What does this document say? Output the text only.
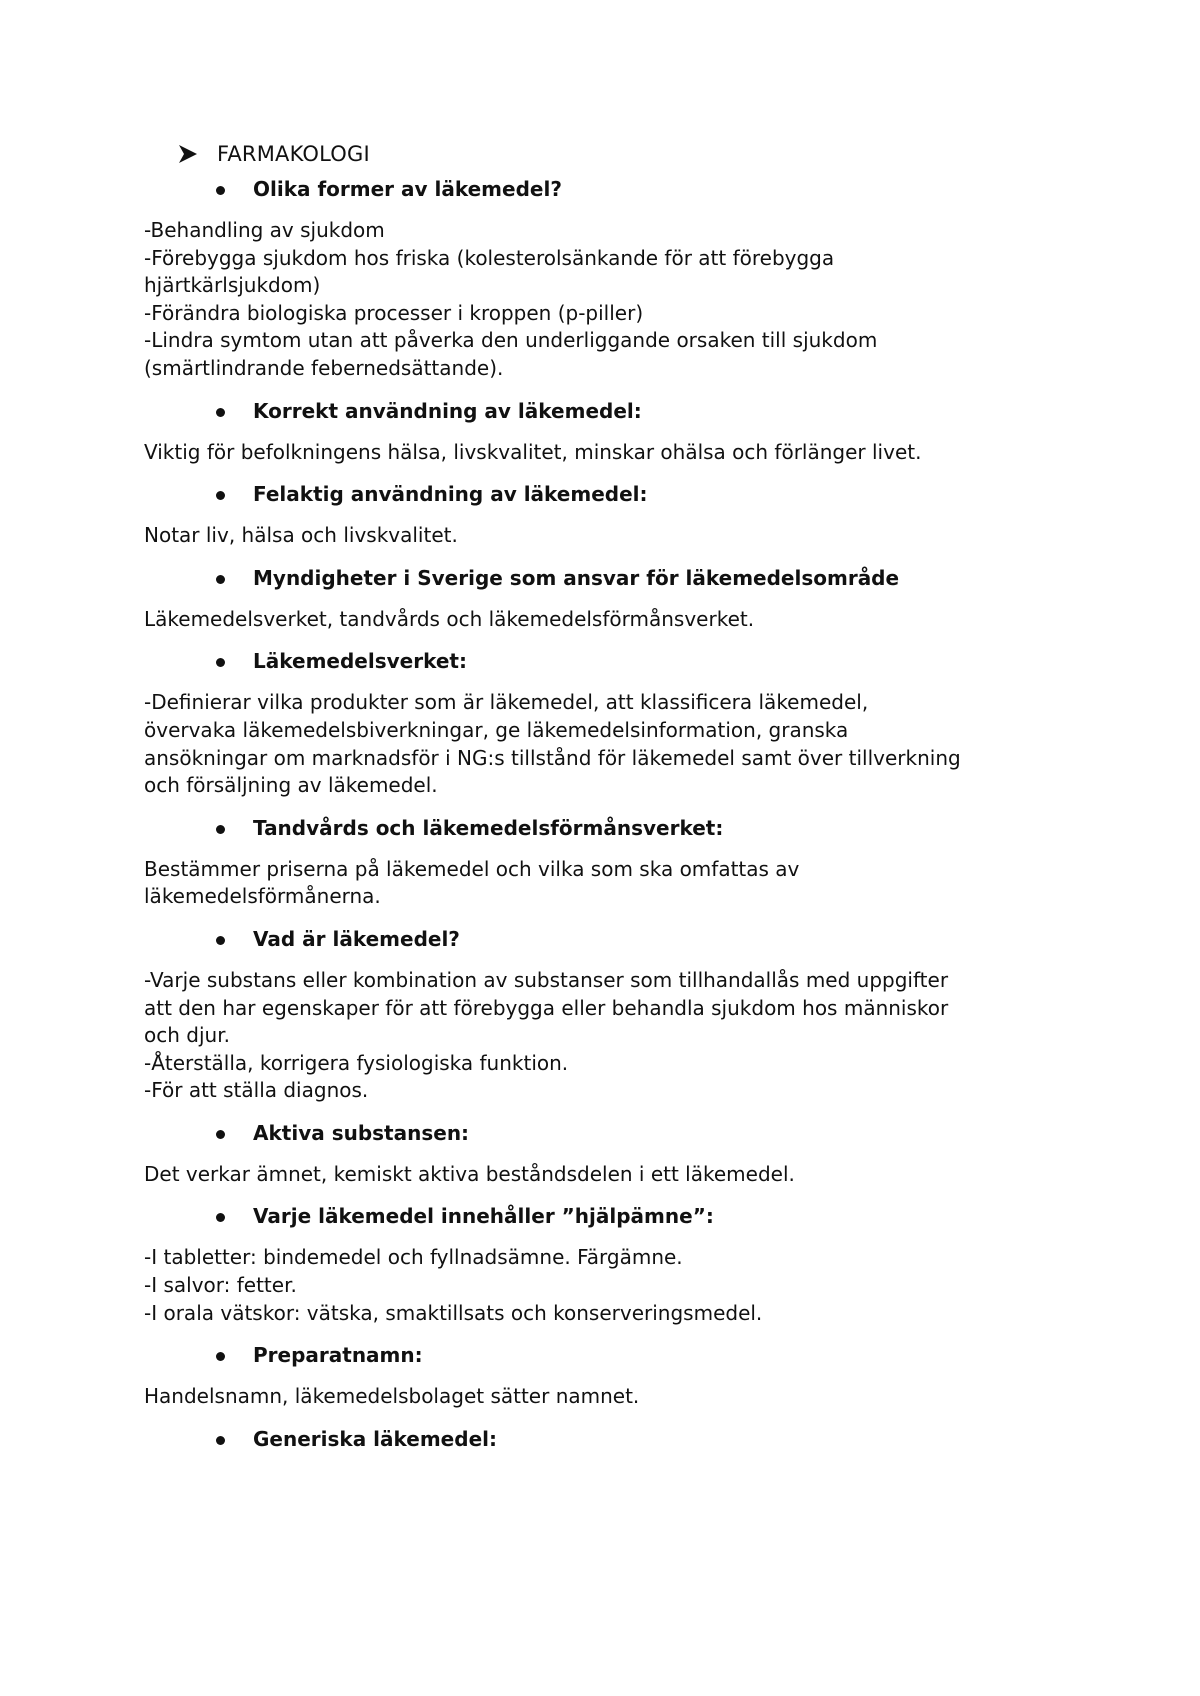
FARMAKOLOGI
Olika former av läkemedel?
-Behandling av sjukdom
-Förebygga sjukdom hos friska (kolesterolsänkande för att förebygga
hjärtkärlsjukdom)
-Förändra biologiska processer i kroppen (p-piller)
-Lindra symtom utan att påverka den underliggande orsaken till sjukdom
(smärtlindrande febernedsättande).
Korrekt användning av läkemedel:
Viktig för befolkningens hälsa, livskvalitet, minskar ohälsa och förlänger livet.
Felaktig användning av läkemedel:
Notar liv, hälsa och livskvalitet.
Myndigheter i Sverige som ansvar för läkemedelsområde
Läkemedelsverket, tandvårds och läkemedelsförmånsverket.
Läkemedelsverket:
-Definierar vilka produkter som är läkemedel, att klassificera läkemedel,
övervaka läkemedelsbiverkningar, ge läkemedelsinformation, granska
ansökningar om marknadsför i NG:s tillstånd för läkemedel samt över tillverkning
och försäljning av läkemedel.
Tandvårds och läkemedelsförmånsverket:
Bestämmer priserna på läkemedel och vilka som ska omfattas av
läkemedelsförmånerna.
Vad är läkemedel?
-Varje substans eller kombination av substanser som tillhandallås med uppgifter
att den har egenskaper för att förebygga eller behandla sjukdom hos människor
och djur.
-Återställa, korrigera fysiologiska funktion.
-För att ställa diagnos.
Aktiva substansen:
Det verkar ämnet, kemiskt aktiva beståndsdelen i ett läkemedel.
Varje läkemedel innehåller ”hjälpämne”:
-I tabletter: bindemedel och fyllnadsämne. Färgämne.
-I salvor: fetter.
-I orala vätskor: vätska, smaktillsats och konserveringsmedel.
Preparatnamn:
Handelsnamn, läkemedelsbolaget sätter namnet.
Generiska läkemedel:
